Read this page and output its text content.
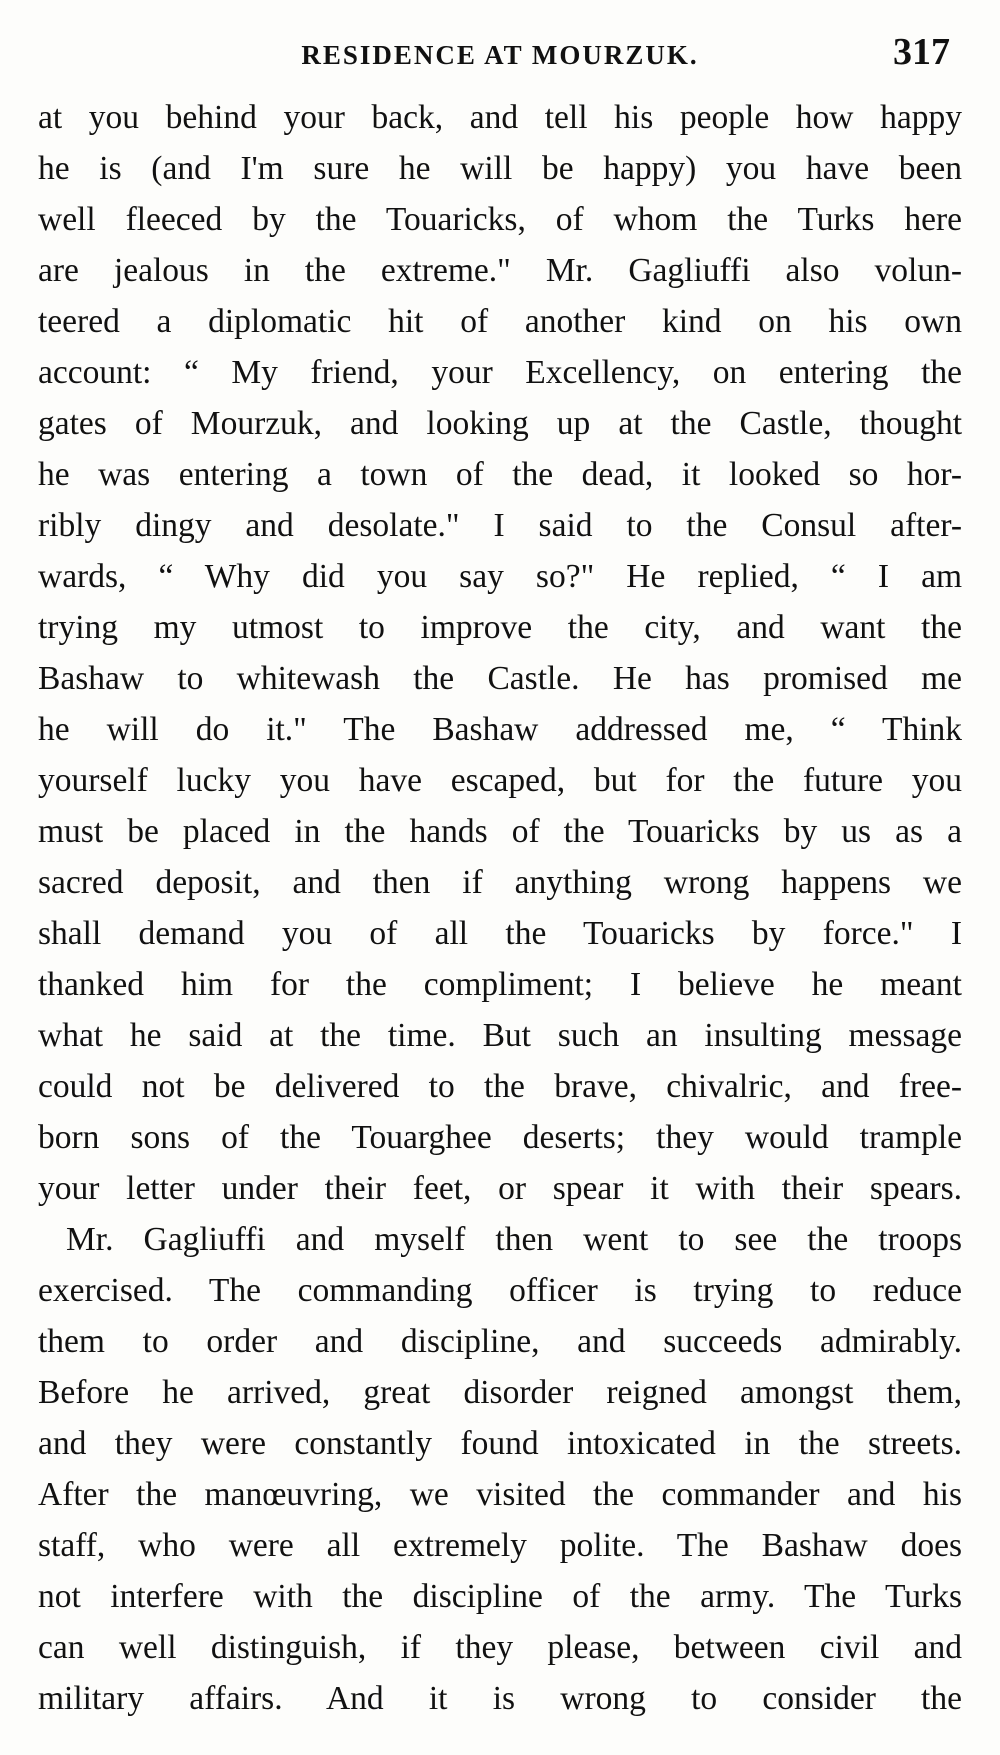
RESIDENCE AT MOURZUK.	317
at you behind your back, and tell his people how happy
he is (and I'm sure he will be happy) you have been
well fleeced by the Touaricks, of whom the Turks here
are jealous in the extreme." Mr. Gagliuffi also volun-
teered a diplomatic hit of another kind on his own
account: “ My friend, your Excellency, on entering the
gates of Mourzuk, and looking up at the Castle, thought
he was entering a town of the dead, it looked so hor-
ribly dingy and desolate." I said to the Consul after-
wards, “ Why did you say so?" He replied, “ I am
trying my utmost to improve the city, and want the
Bashaw to whitewash the Castle. He has promised me
he will do it." The Bashaw addressed me, “ Think
yourself lucky you have escaped, but for the future you
must be placed in the hands of the Touaricks by us as a
sacred deposit, and then if anything wrong happens we
shall demand you of all the Touaricks by force." I
thanked him for the compliment; I believe he meant
what he said at the time. But such an insulting message
could not be delivered to the brave, chivalric, and free-
born sons of the Touarghee deserts; they would trample
your letter under their feet, or spear it with their spears.
Mr. Gagliuffi and myself then went to see the troops
exercised. The commanding officer is trying to reduce
them to order and discipline, and succeeds admirably.
Before he arrived, great disorder reigned amongst them,
and they were constantly found intoxicated in the streets.
After the manœuvring, we visited the commander and his
staff, who were all extremely polite. The Bashaw does
not interfere with the discipline of the army. The Turks
can well distinguish, if they please, between civil and
military affairs. And it is wrong to consider the
